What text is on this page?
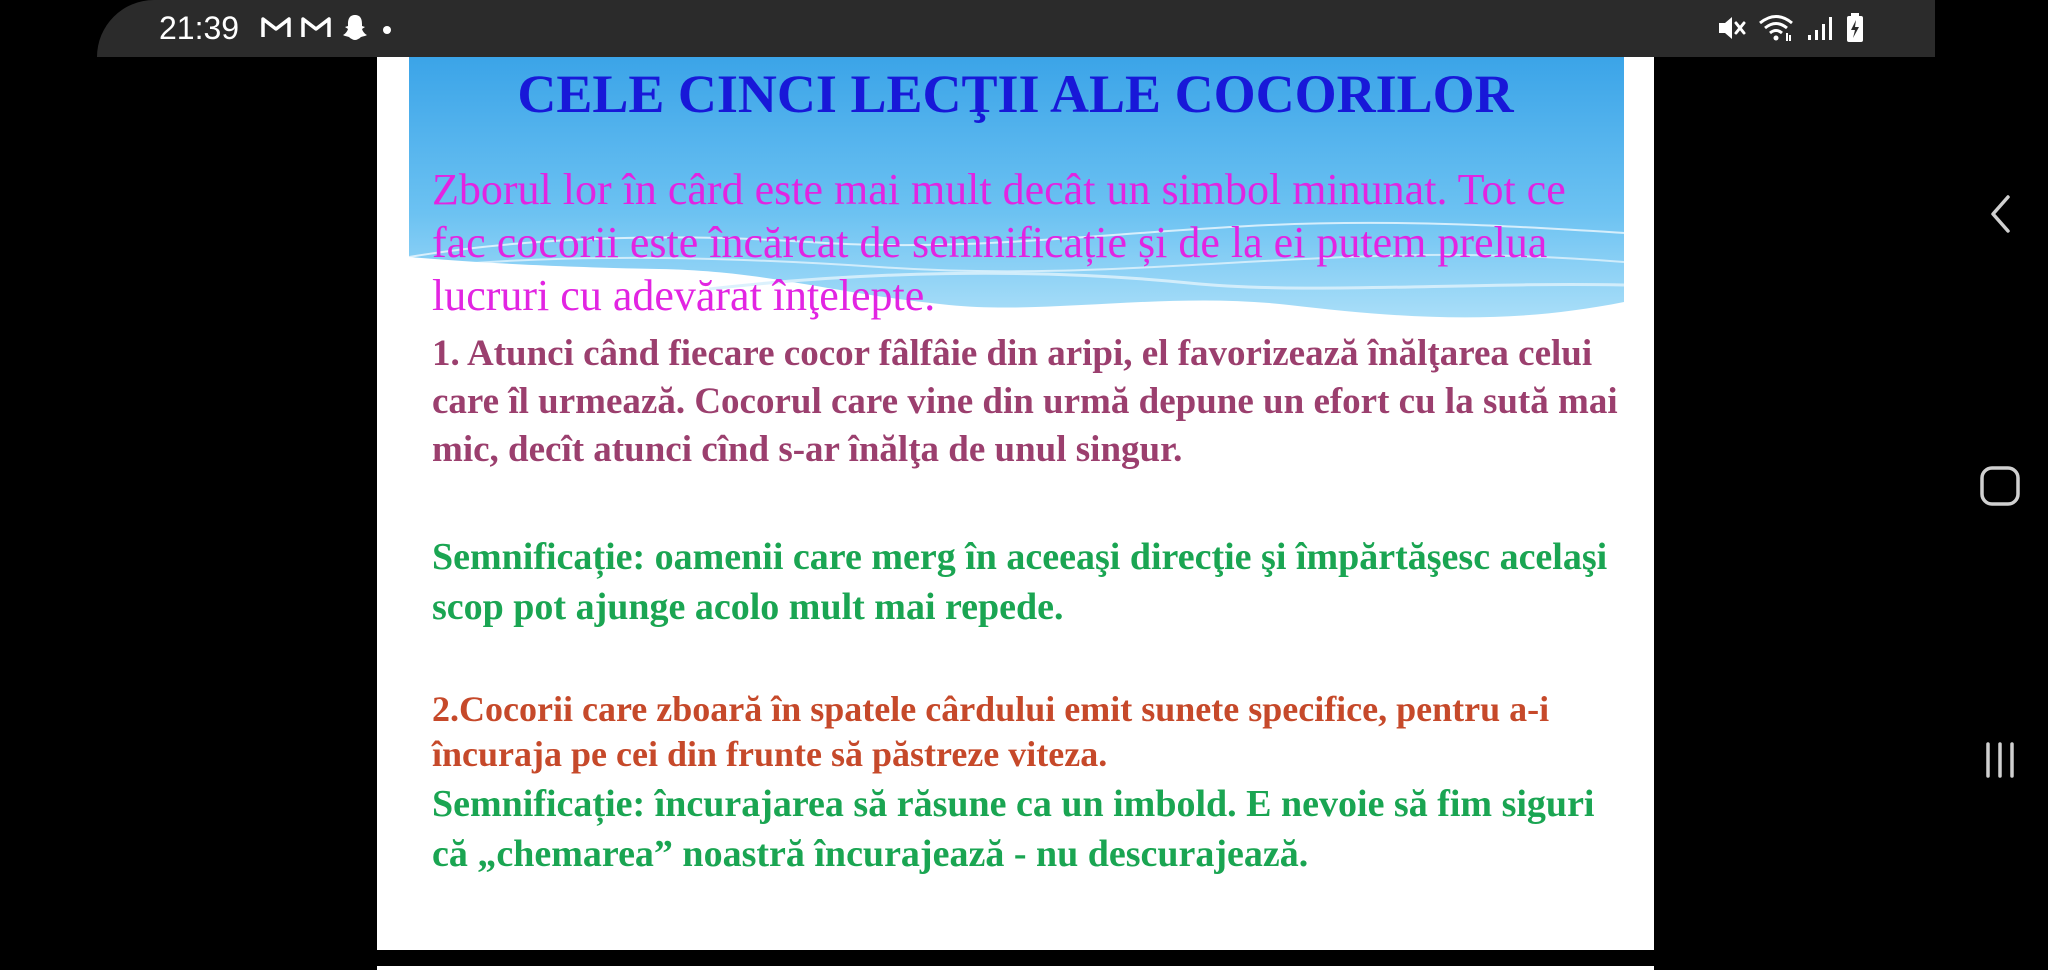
21:39
CELE CINCI LECŢII ALE COCORILOR
Zborul lor în cârd este mai mult decât un simbol minunat. Tot ce fac cocorii este încărcat de semnificație și de la ei putem prelua lucruri cu adevărat înţelepte.
1. Atunci când fiecare cocor fâlfâie din aripi, el favorizează înălţarea celui care îl urmează. Cocorul care vine din urmă depune un efort cu la sută mai mic, decît atunci cînd s-ar înălţa de unul singur.
Semnificație: oamenii care merg în aceeaşi direcţie şi împărtăşesc acelaşi scop pot ajunge acolo mult mai repede.
2.Cocorii care zboară în spatele cârdului emit sunete specifice, pentru a-i încuraja pe cei din frunte să păstreze viteza.
Semnificație: încurajarea să răsune ca un imbold. E nevoie să fim siguri că „chemarea” noastră încurajează - nu descurajează.
